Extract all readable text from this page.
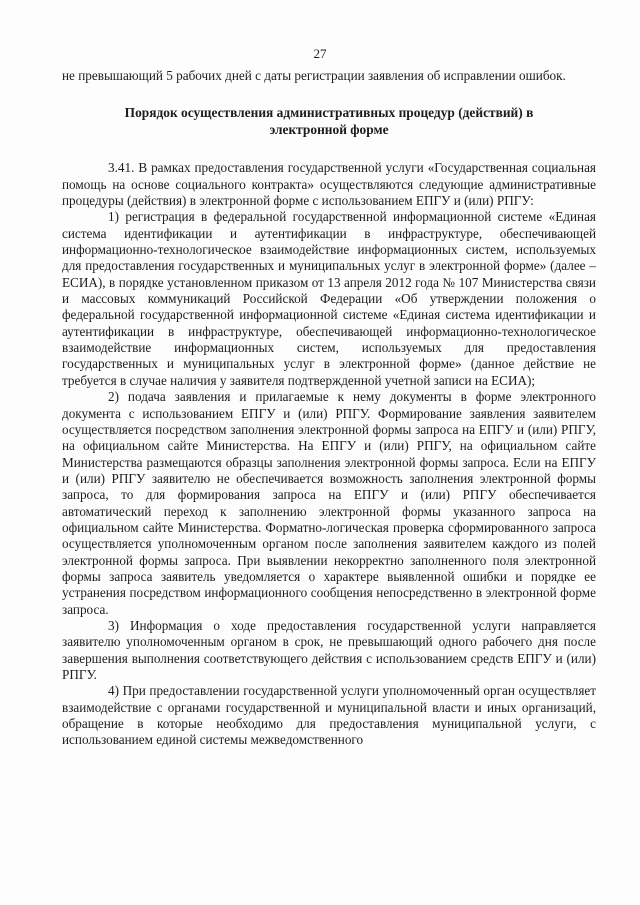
27

не превышающий 5 рабочих дней с даты регистрации заявления об исправлении ошибок.

Порядок осуществления административных процедур (действий) в
электронной форме

3.41. В рамках предоставления государственной услуги «Государственная социальная помощь на основе социального контракта» осуществляются следующие административные процедуры (действия) в электронной форме с использованием ЕПГУ и (или) РПГУ:

1) регистрация в федеральной государственной информационной системе «Единая система идентификации и аутентификации в инфраструктуре, обеспечивающей информационно-технологическое взаимодействие информационных систем, используемых для предоставления государственных и муниципальных услуг в электронной форме» (далее – ЕСИА), в порядке установленном приказом от 13 апреля 2012 года № 107 Министерства связи и массовых коммуникаций Российской Федерации «Об утверждении положения о федеральной государственной информационной системе «Единая система идентификации и аутентификации в инфраструктуре, обеспечивающей информационно-технологическое взаимодействие информационных систем, используемых для предоставления государственных и муниципальных услуг в электронной форме» (данное действие не требуется в случае наличия у заявителя подтвержденной учетной записи на ЕСИА);

2) подача заявления и прилагаемые к нему документы в форме электронного документа с использованием ЕПГУ и (или) РПГУ. Формирование заявления заявителем осуществляется посредством заполнения электронной формы запроса на ЕПГУ и (или) РПГУ, на официальном сайте Министерства. На ЕПГУ и (или) РПГУ, на официальном сайте Министерства размещаются образцы заполнения электронной формы запроса. Если на ЕПГУ и (или) РПГУ заявителю не обеспечивается возможность заполнения электронной формы запроса, то для формирования запроса на ЕПГУ и (или) РПГУ обеспечивается автоматический переход к заполнению электронной формы указанного запроса на официальном сайте Министерства. Форматно-логическая проверка сформированного запроса осуществляется уполномоченным органом после заполнения заявителем каждого из полей электронной формы запроса. При выявлении некорректно заполненного поля электронной формы запроса заявитель уведомляется о характере выявленной ошибки и порядке ее устранения посредством информационного сообщения непосредственно в электронной форме запроса.

3) Информация о ходе предоставления государственной услуги направляется заявителю уполномоченным органом в срок, не превышающий одного рабочего дня после завершения выполнения соответствующего действия с использованием средств ЕПГУ и (или) РПГУ.

4) При предоставлении государственной услуги уполномоченный орган осуществляет взаимодействие с органами государственной и муниципальной власти и иных организаций, обращение в которые необходимо для предоставления муниципальной услуги, с использованием единой системы межведомственного
